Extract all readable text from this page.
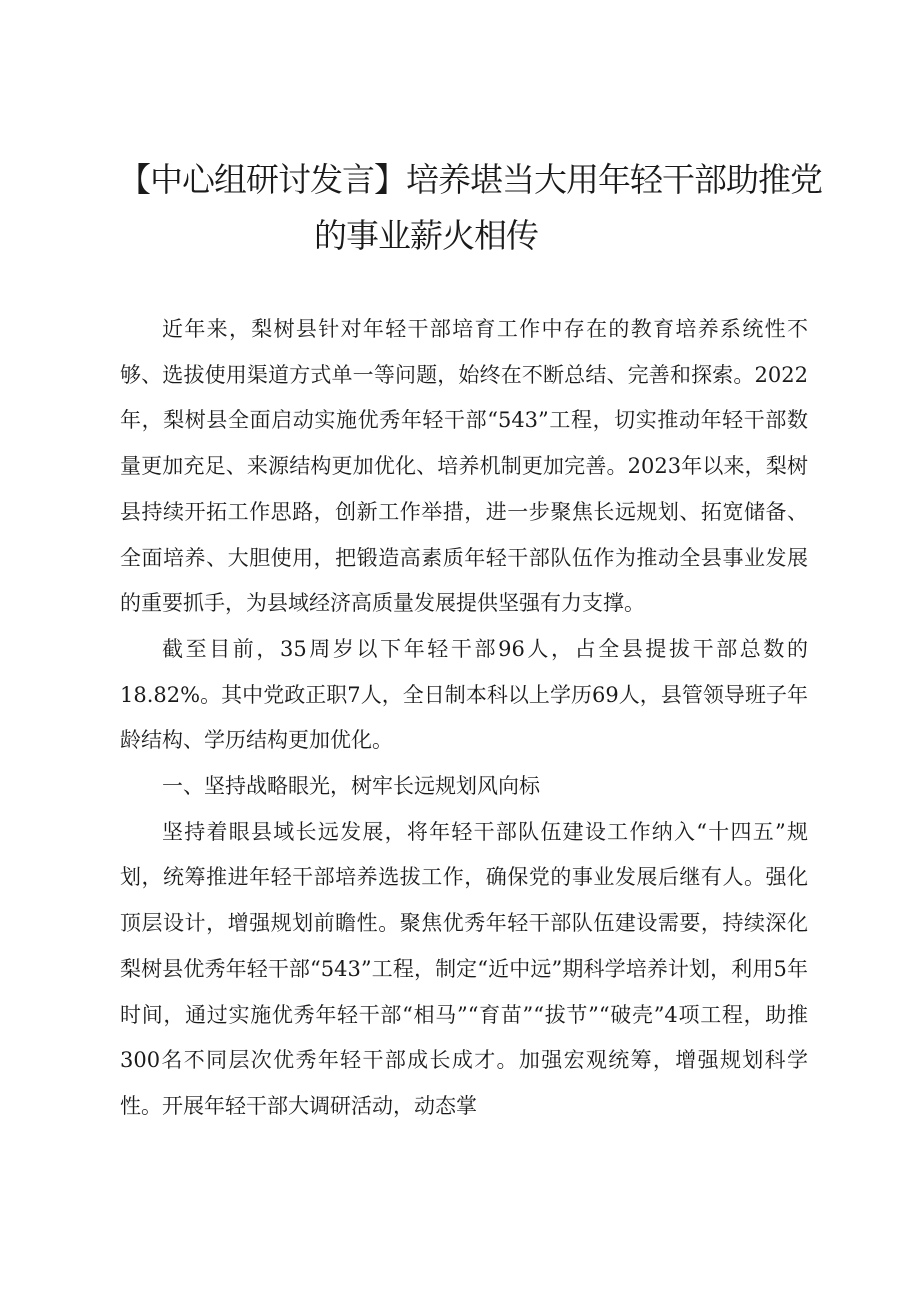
【中心组研讨发言】培养堪当大用年轻干部助推党
的事业薪火相传

近年来，梨树县针对年轻干部培育工作中存在的教育培养系统性不够、选拔使用渠道方式单一等问题，始终在不断总结、完善和探索。2022年，梨树县全面启动实施优秀年轻干部“543”工程，切实推动年轻干部数量更加充足、来源结构更加优化、培养机制更加完善。2023年以来，梨树县持续开拓工作思路，创新工作举措，进一步聚焦长远规划、拓宽储备、全面培养、大胆使用，把锻造高素质年轻干部队伍作为推动全县事业发展的重要抓手，为县域经济高质量发展提供坚强有力支撑。

截至目前，35周岁以下年轻干部96人，占全县提拔干部总数的18.82%。其中党政正职7人，全日制本科以上学历69人，县管领导班子年龄结构、学历结构更加优化。

一、坚持战略眼光，树牢长远规划风向标

坚持着眼县域长远发展，将年轻干部队伍建设工作纳入“十四五”规划，统筹推进年轻干部培养选拔工作，确保党的事业发展后继有人。强化顶层设计，增强规划前瞻性。聚焦优秀年轻干部队伍建设需要，持续深化梨树县优秀年轻干部“543”工程，制定“近中远”期科学培养计划，利用5年时间，通过实施优秀年轻干部“相马”“育苗”“拔节”“破壳”4项工程，助推300名不同层次优秀年轻干部成长成才。加强宏观统筹，增强规划科学性。开展年轻干部大调研活动，动态掌
